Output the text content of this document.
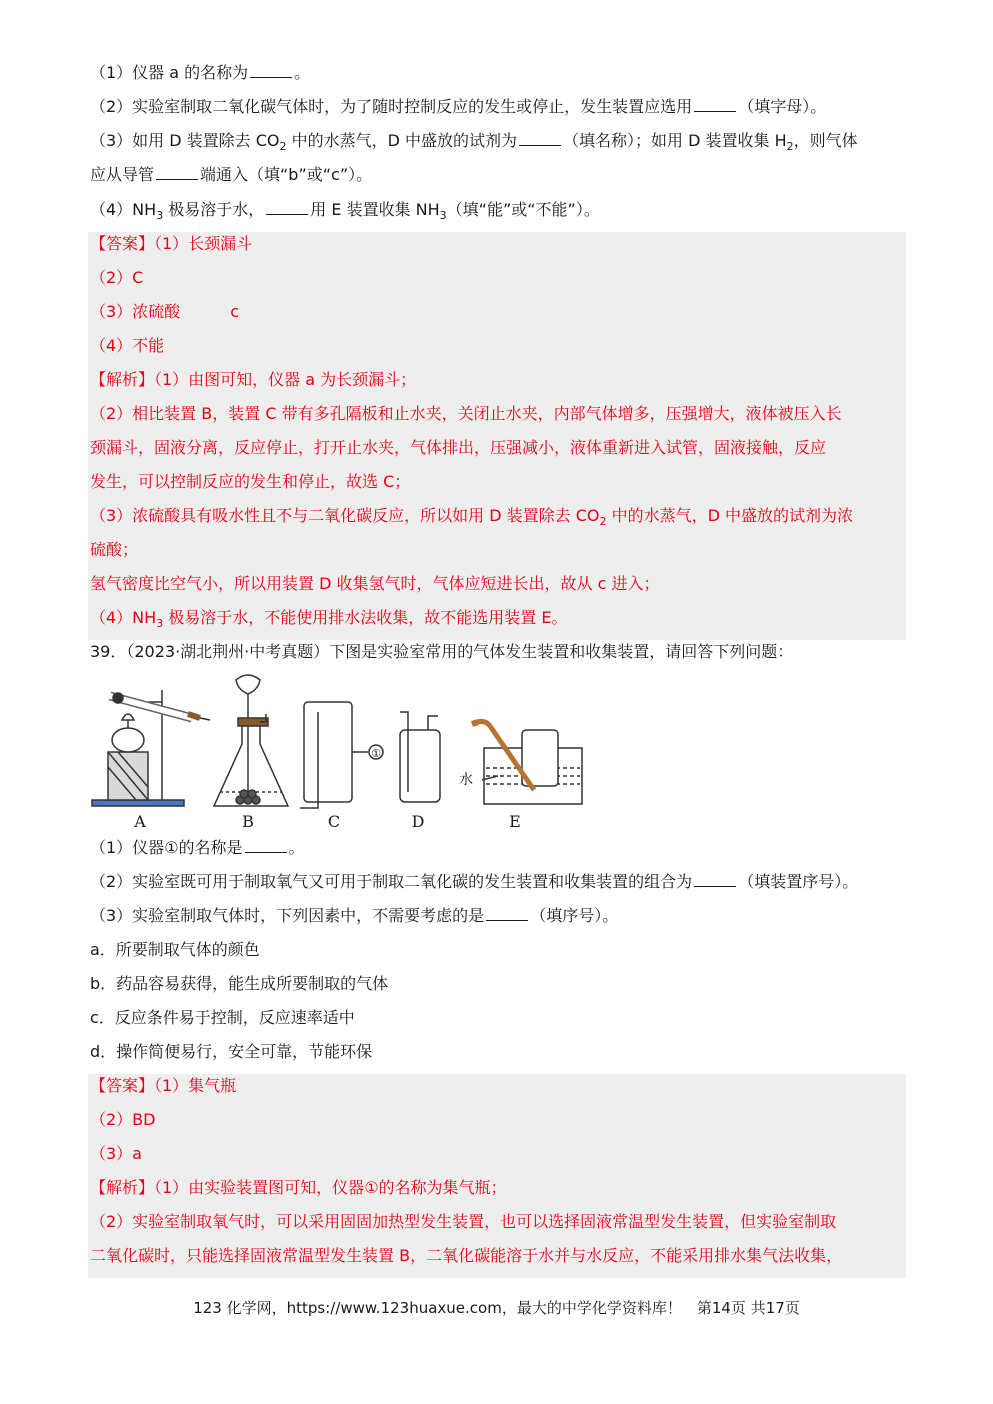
（1）仪器 a 的名称为	。
（2）实验室制取二氧化碳气体时，为了随时控制反应的发生或停止，发生装置应选用	（填字母）。
（3）如用 D 装置除去 $CO_2$ 中的水蒸气，D 中盛放的试剂为	（填名称）；如用 D 装置收集 $H_2$，则气体
应从导管	端通入（填“b”或“c”）。
$(4)NH_3$ 极易溶于水，	用 E 装置收集 $NH_3$（填“能”或“不能”）。
【答案】（1）长颈漏斗
（2）C
（3）浓硫酸	c
（4）不能
【解析】（1）由图可知，仪器 a 为长颈漏斗；
（2）相比装置 B，装置 C 带有多孔隔板和止水夹，关闭止水夹，内部气体增多，压强增大，液体被压入长
颈漏斗，固液分离，反应停止，打开止水夹，气体排出，压强减小，液体重新进入试管，固液接触，反应
发生，可以控制反应的发生和停止，故选 C；
（3）浓硫酸具有吸水性且不与二氧化碳反应，所以如用 D 装置除去 $CO_2$ 中的水蒸气，D 中盛放的试剂为浓
硫酸；
氢气密度比空气小，所以用装置 D 收集氢气时，气体应短进长出，故从 c 进入；
$(4)NH_3$ 极易溶于水，不能使用排水法收集，故不能选用装置 E。
39．（2023·湖北荆州·中考真题）下图是实验室常用的气体发生装置和收集装置，请回答下列问题：
A	B	C	D	E
①
水
（1）仪器①的名称是	。
（2）实验室既可用于制取氧气又可用于制取二氧化碳的发生装置和收集装置的组合为	（填装置序号）。
（3）实验室制取气体时，下列因素中，不需要考虑的是	（填序号）。
a．所要制取气体的颜色
b．药品容易获得，能生成所要制取的气体
c．反应条件易于控制，反应速率适中
d．操作简便易行，安全可靠，节能环保
【答案】（1）集气瓶
（2）BD
（3）a
【解析】（1）由实验装置图可知，仪器①的名称为集气瓶；
（2）实验室制取氧气时，可以采用固固加热型发生装置，也可以选择固液常温型发生装置，但实验室制取
二氧化碳时，只能选择固液常温型发生装置 B，二氧化碳能溶于水并与水反应，不能采用排水集气法收集，
123 化学网，https://www.123huaxue.com，最大的中学化学资料库！　第14页 共17页
